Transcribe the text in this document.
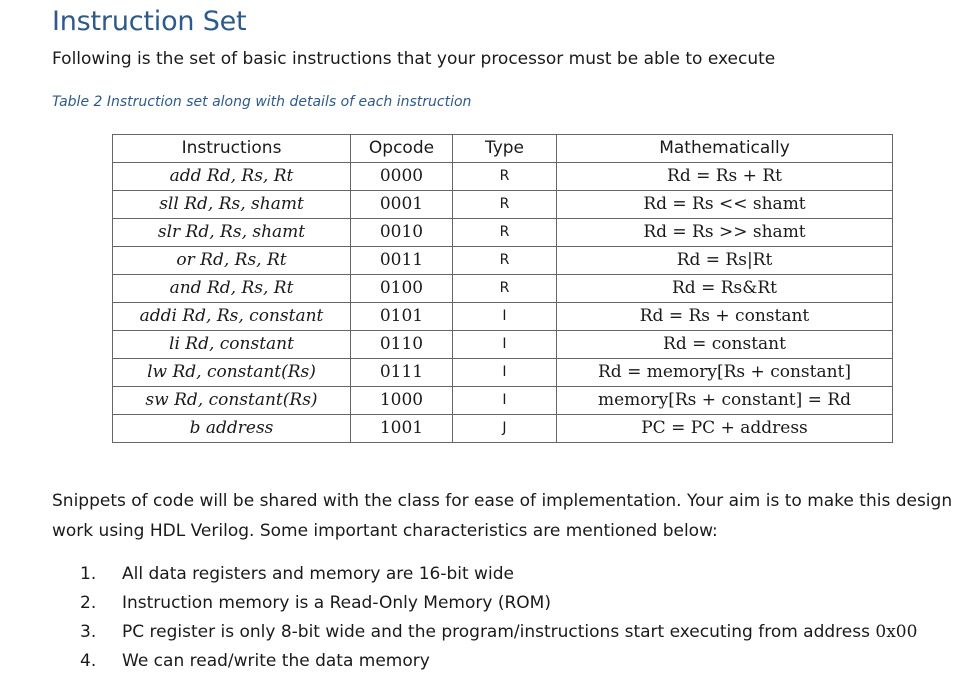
Instruction Set

Following is the set of basic instructions that your processor must be able to execute

Table 2 Instruction set along with details of each instruction

Instructions	Opcode	Type	Mathematically
add Rd, Rs, Rt	0000	R	Rd = Rs + Rt
sll Rd, Rs, shamt	0001	R	Rd = Rs << shamt
slr Rd, Rs, shamt	0010	R	Rd = Rs >> shamt
or Rd, Rs, Rt	0011	R	Rd = Rs|Rt
and Rd, Rs, Rt	0100	R	Rd = Rs&Rt
addi Rd, Rs, constant	0101	I	Rd = Rs + constant
li Rd, constant	0110	I	Rd = constant
lw Rd, constant(Rs)	0111	I	Rd = memory[Rs + constant]
sw Rd, constant(Rs)	1000	I	memory[Rs + constant] = Rd
b address	1001	J	PC = PC + address

Snippets of code will be shared with the class for ease of implementation. Your aim is to make this design work using HDL Verilog. Some important characteristics are mentioned below:

1. All data registers and memory are 16-bit wide
2. Instruction memory is a Read-Only Memory (ROM)
3. PC register is only 8-bit wide and the program/instructions start executing from address 0x00
4. We can read/write the data memory
